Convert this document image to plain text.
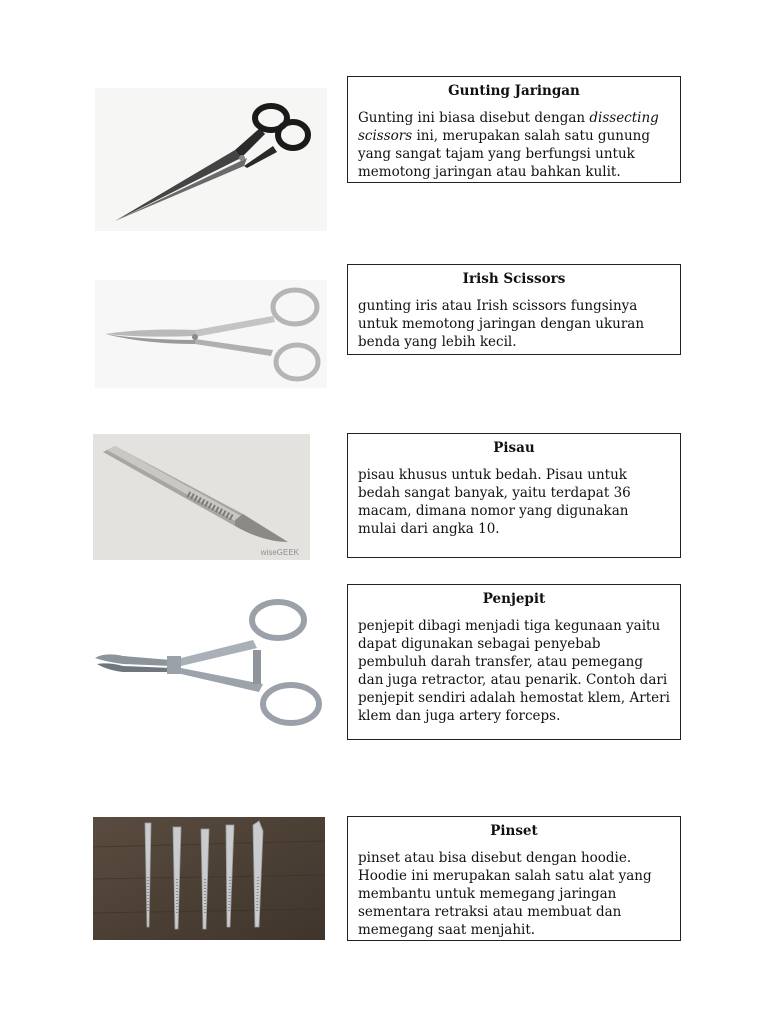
Gunting Jaringan

Gunting ini biasa disebut dengan dissecting scissors ini, merupakan salah satu gunung yang sangat tajam yang berfungsi untuk memotong jaringan atau bahkan kulit.

Irish Scissors

gunting iris atau Irish scissors fungsinya untuk memotong jaringan dengan ukuran benda yang lebih kecil.

wiseGEEK
Pisau

pisau khusus untuk bedah. Pisau untuk bedah sangat banyak, yaitu terdapat 36 macam, dimana nomor yang digunakan mulai dari angka 10.

Penjepit

penjepit dibagi menjadi tiga kegunaan yaitu dapat digunakan sebagai penyebab pembuluh darah transfer, atau pemegang dan juga retractor, atau penarik. Contoh dari penjepit sendiri adalah hemostat klem, Arteri klem dan juga artery forceps.

Pinset

pinset atau bisa disebut dengan hoodie. Hoodie ini merupakan salah satu alat yang membantu untuk memegang jaringan sementara retraksi atau membuat dan memegang saat menjahit.
